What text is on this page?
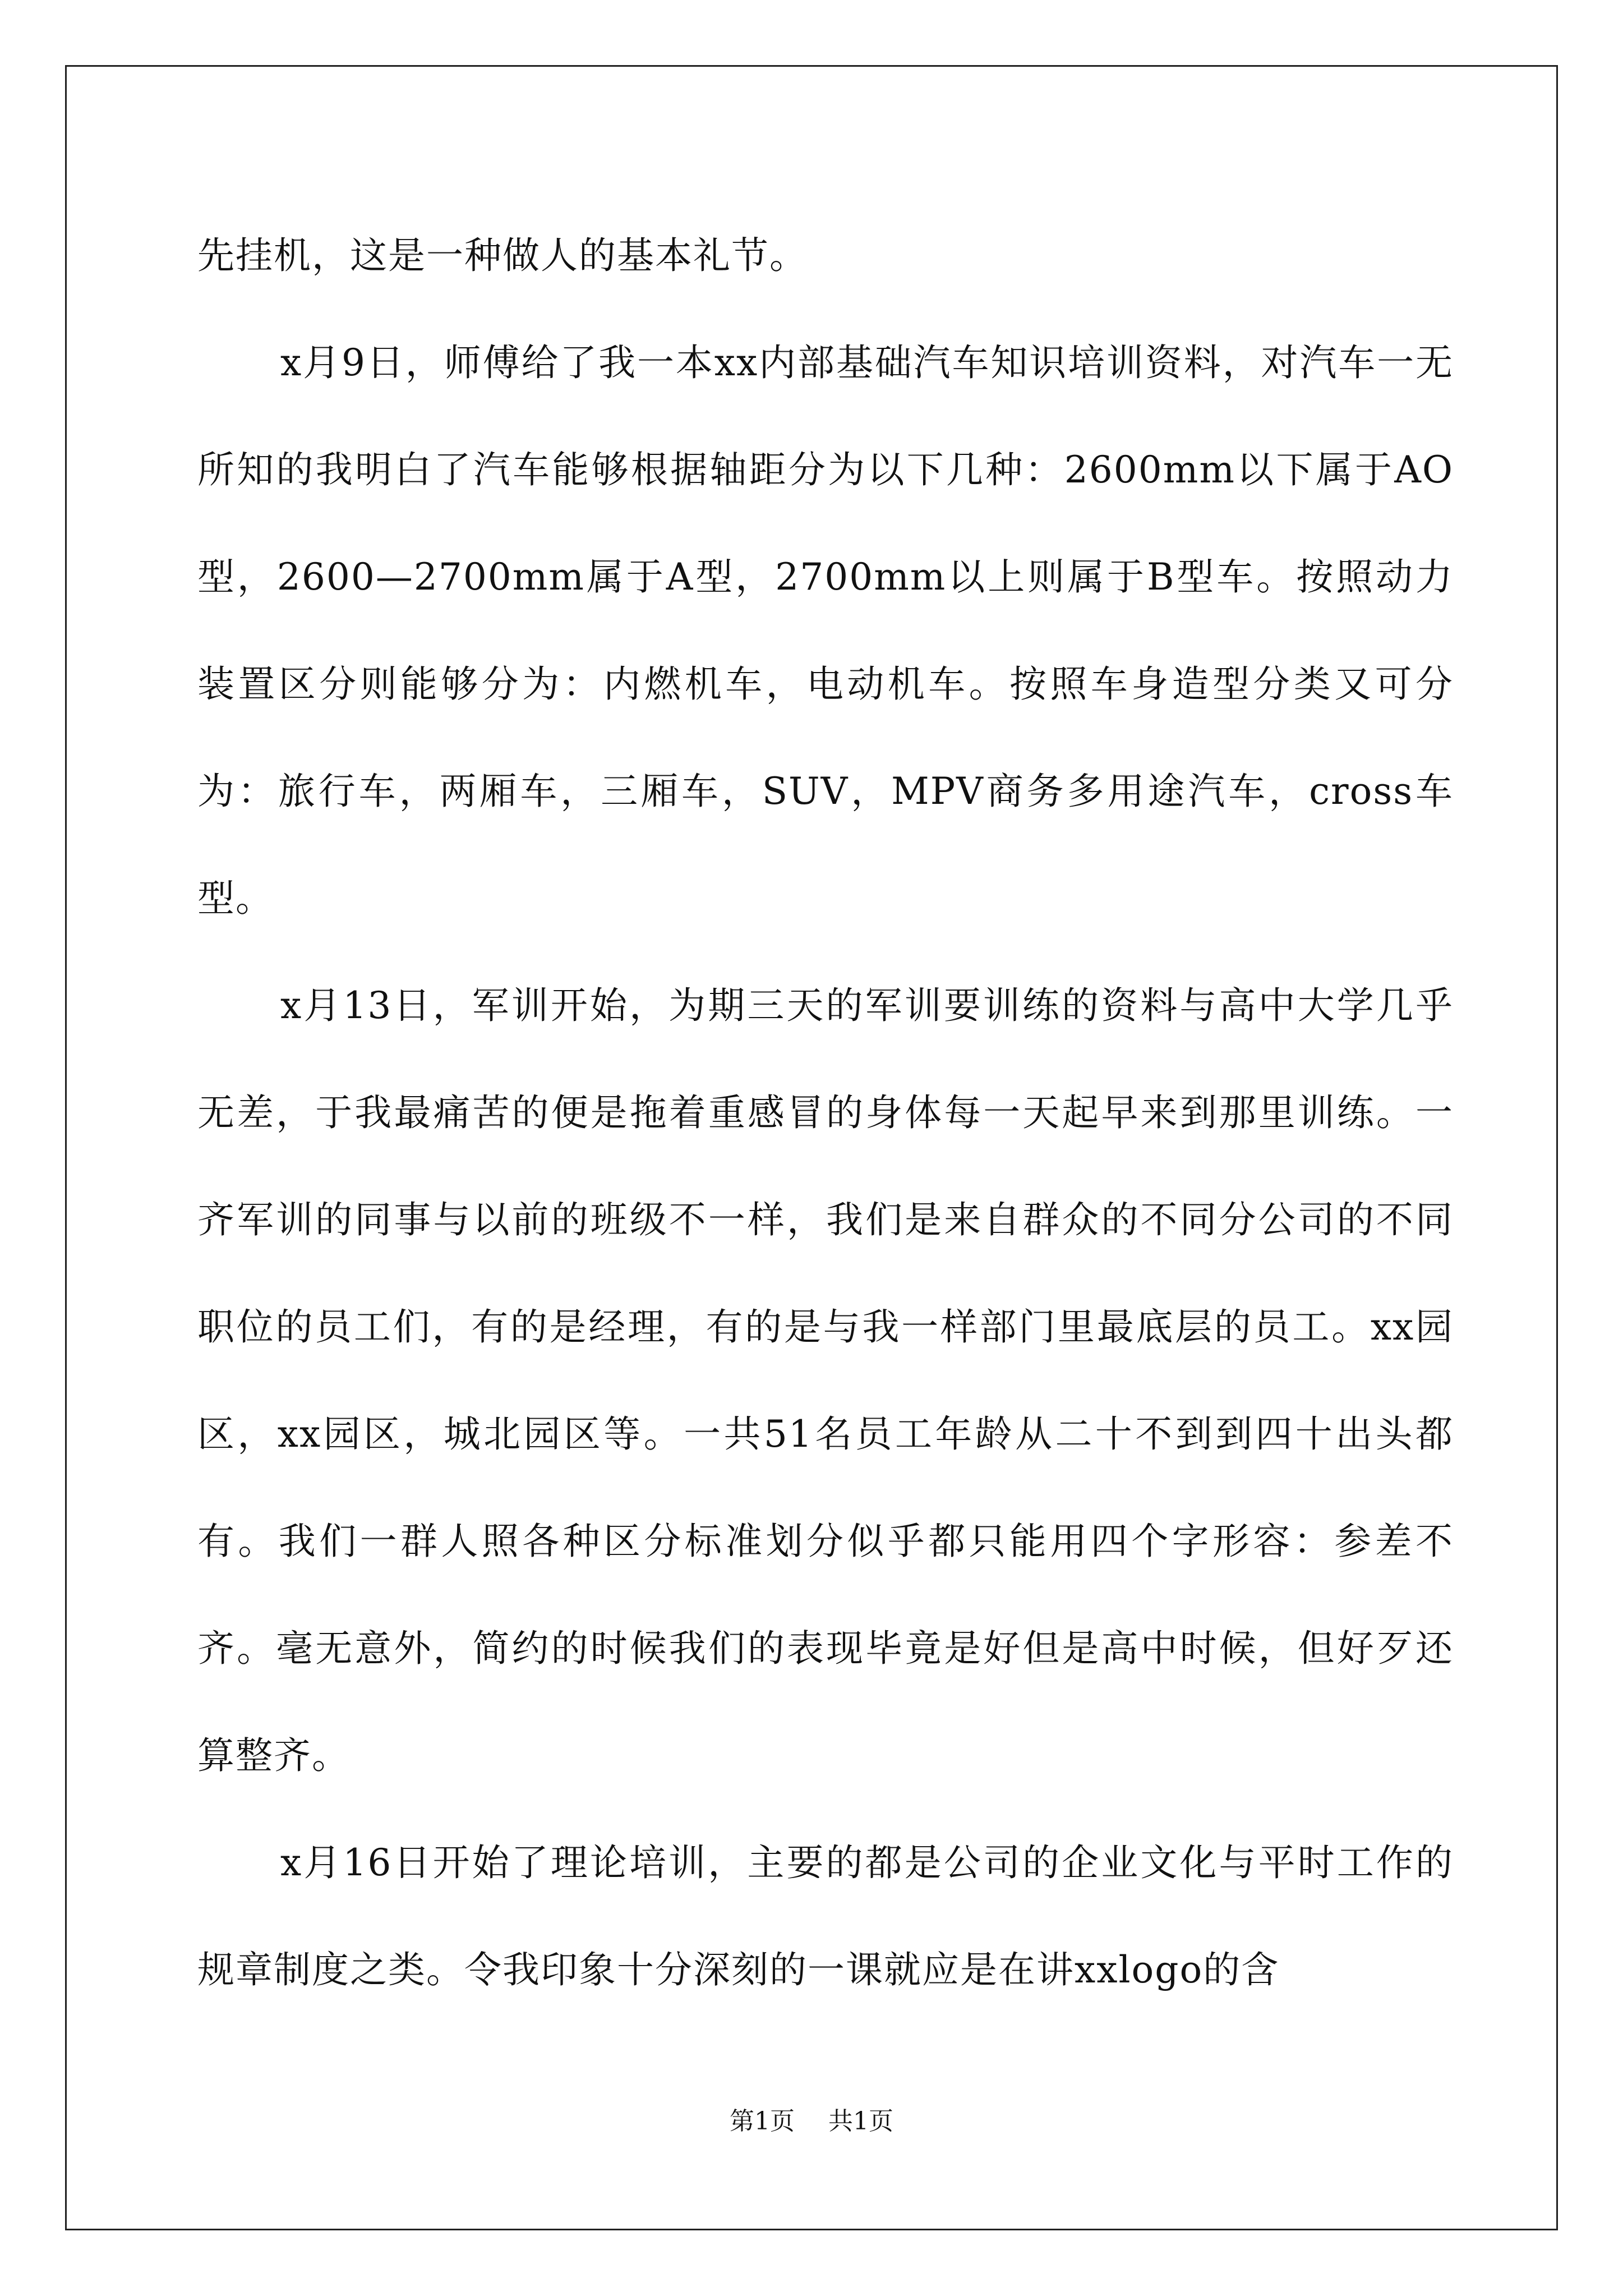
先挂机，这是一种做人的基本礼节。

x月9日，师傅给了我一本xx内部基础汽车知识培训资料，对汽车一无所知的我明白了汽车能够根据轴距分为以下几种：2600mm以下属于AO型，2600—2700mm属于A型，2700mm以上则属于B型车。按照动力装置区分则能够分为：内燃机车，电动机车。按照车身造型分类又可分为：旅行车，两厢车，三厢车，SUV，MPV商务多用途汽车，cross车型。

x月13日，军训开始，为期三天的军训要训练的资料与高中大学几乎无差，于我最痛苦的便是拖着重感冒的身体每一天起早来到那里训练。一齐军训的同事与以前的班级不一样，我们是来自群众的不同分公司的不同职位的员工们，有的是经理，有的是与我一样部门里最底层的员工。xx园区，xx园区，城北园区等。一共51名员工年龄从二十不到到四十出头都有。我们一群人照各种区分标准划分似乎都只能用四个字形容：参差不齐。毫无意外，简约的时候我们的表现毕竟是好但是高中时候，但好歹还算整齐。

x月16日开始了理论培训，主要的都是公司的企业文化与平时工作的规章制度之类。令我印象十分深刻的一课就应是在讲xxlogo的含

第1页 共1页
